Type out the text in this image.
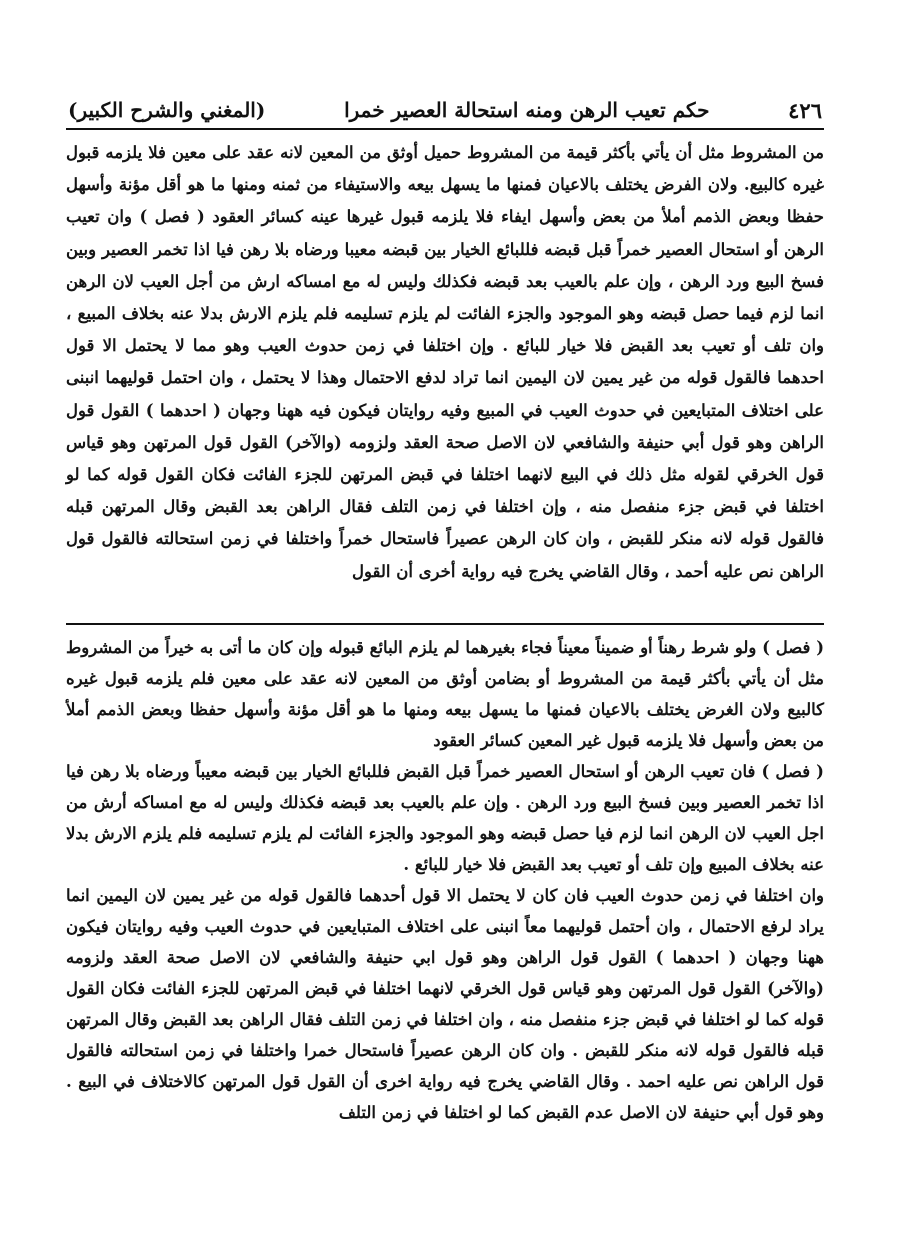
٤٢٦
حكم تعيب الرهن ومنه استحالة العصير خمرا
(المغني والشرح الكبير)

من المشروط مثل أن يأتي بأكثر قيمة من المشروط حميل أوثق من المعين لانه عقد على معين فلا يلزمه قبول غيره كالبيع. ولان الفرض يختلف بالاعيان فمنها ما يسهل بيعه والاستيفاء من ثمنه ومنها ما هو أقل مؤنة وأسهل حفظا وبعض الذمم أملأ من بعض وأسهل ايفاء فلا يلزمه قبول غيرها عينه كسائر العقود ( فصل ) وان تعيب الرهن أو استحال العصير خمراً قبل قبضه فللبائع الخيار بين قبضه معيبا ورضاه بلا رهن فيا اذا تخمر العصير وبين فسخ البيع ورد الرهن ، وإن علم بالعيب بعد قبضه فكذلك وليس له مع امساكه ارش من أجل العيب لان الرهن انما لزم فيما حصل قبضه وهو الموجود والجزء الفائت لم يلزم تسليمه فلم يلزم الارش بدلا عنه بخلاف المبيع ، وان تلف أو تعيب بعد القبض فلا خيار للبائع . وإن اختلفا في زمن حدوث العيب وهو مما لا يحتمل الا قول احدهما فالقول قوله من غير يمين لان اليمين انما تراد لدفع الاحتمال وهذا لا يحتمل ، وان احتمل قوليهما انبنى على اختلاف المتبايعين في حدوث العيب في المبيع وفيه روايتان فيكون فيه ههنا وجهان ( احدهما ) القول قول الراهن وهو قول أبي حنيفة والشافعي لان الاصل صحة العقد ولزومه (والآخر) القول قول المرتهن وهو قياس قول الخرقي لقوله مثل ذلك في البيع لانهما اختلفا في قبض المرتهن للجزء الفائت فكان القول قوله كما لو اختلفا في قبض جزء منفصل منه ، وإن اختلفا في زمن التلف فقال الراهن بعد القبض وقال المرتهن قبله فالقول قوله لانه منكر للقبض ، وان كان الرهن عصيراً فاستحال خمراً واختلفا في زمن استحالته فالقول قول الراهن نص عليه أحمد ، وقال القاضي يخرج فيه رواية أخرى أن القول

( فصل ) ولو شرط رهناً أو ضميناً معيناً فجاء بغيرهما لم يلزم البائع قبوله وإن كان ما أتى به خيراً من المشروط مثل أن يأتي بأكثر قيمة من المشروط أو بضامن أوثق من المعين لانه عقد على معين فلم يلزمه قبول غيره كالبيع ولان الغرض يختلف بالاعيان فمنها ما يسهل بيعه ومنها ما هو أقل مؤنة وأسهل حفظا وبعض الذمم أملأ من بعض وأسهل فلا يلزمه قبول غير المعين كسائر العقود

( فصل ) فان تعيب الرهن أو استحال العصير خمراً قبل القبض فللبائع الخيار بين قبضه معيباً ورضاه بلا رهن فيا اذا تخمر العصير وبين فسخ البيع ورد الرهن . وإن علم بالعيب بعد قبضه فكذلك وليس له مع امساكه أرش من اجل العيب لان الرهن انما لزم فيا حصل قبضه وهو الموجود والجزء الفائت لم يلزم تسليمه فلم يلزم الارش بدلا عنه بخلاف المبيع وإن تلف أو تعيب بعد القبض فلا خيار للبائع .

وان اختلفا في زمن حدوث العيب فان كان لا يحتمل الا قول أحدهما فالقول قوله من غير يمين لان اليمين انما يراد لرفع الاحتمال ، وان أحتمل قوليهما معاً انبنى على اختلاف المتبايعين في حدوث العيب وفيه روايتان فيكون ههنا وجهان ( احدهما ) القول قول الراهن وهو قول ابي حنيفة والشافعي لان الاصل صحة العقد ولزومه (والآخر) القول قول المرتهن وهو قياس قول الخرقي لانهما اختلفا في قبض المرتهن للجزء الفائت فكان القول قوله كما لو اختلفا في قبض جزء منفصل منه ، وان اختلفا في زمن التلف فقال الراهن بعد القبض وقال المرتهن قبله فالقول قوله لانه منكر للقبض . وان كان الرهن عصيراً فاستحال خمرا واختلفا في زمن استحالته فالقول قول الراهن نص عليه احمد . وقال القاضي يخرج فيه رواية اخرى أن القول قول المرتهن كالاختلاف في البيع . وهو قول أبي حنيفة لان الاصل عدم القبض كما لو اختلفا في زمن التلف
